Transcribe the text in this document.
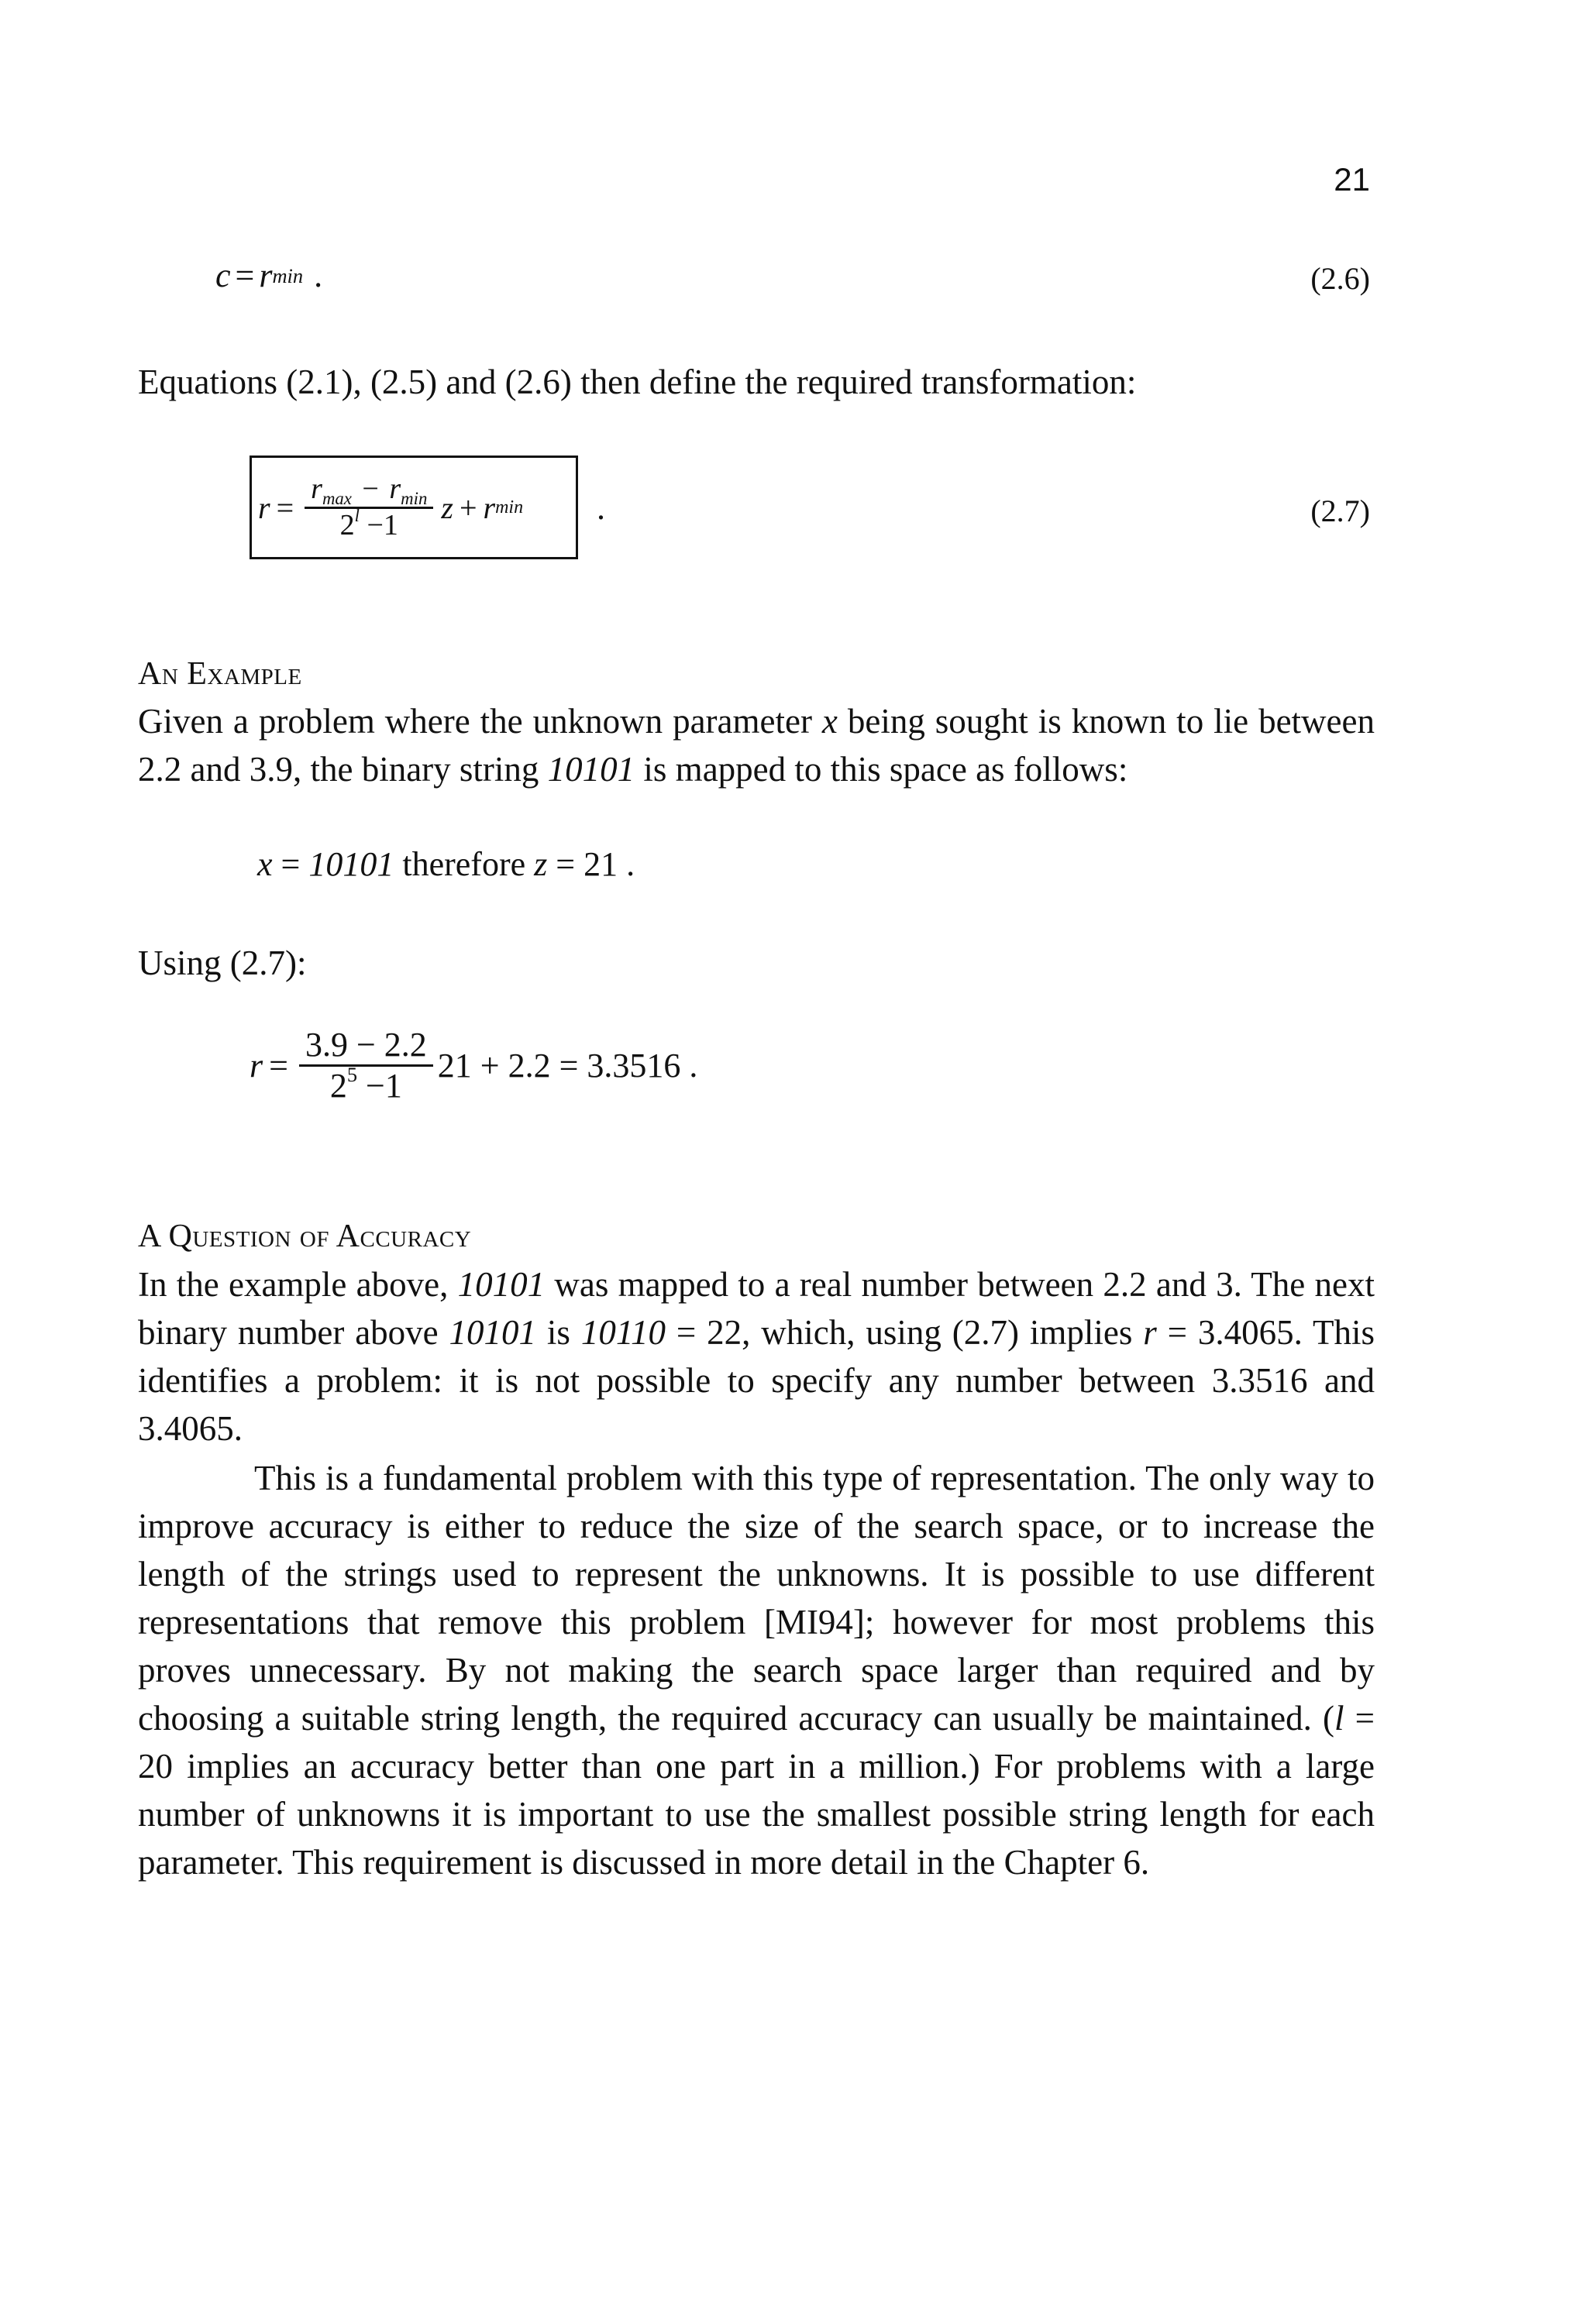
21
c = r min .	(2.6)
Equations (2.1), (2.5) and (2.6) then define the required transformation:
$r = \frac{r_{max} - r_{min}}{2^l -1}$ z + r min .	(2.7)
An Example
Given a problem where the unknown parameter x being sought is known to lie between 2.2 and 3.9, the binary string 10101 is mapped to this space as follows:
x = 10101 therefore z = 21 .
Using (2.7):
$r = \frac{3.9 - 2.2}{2^5 -1} 21 + 2.2 = 3.3516$ .
A Question of Accuracy
In the example above, 10101 was mapped to a real number between 2.2 and 3. The next binary number above 10101 is 10110 = 22, which, using (2.7) implies r = 3.4065. This identifies a problem: it is not possible to specify any number between 3.3516 and 3.4065.
This is a fundamental problem with this type of representation. The only way to improve accuracy is either to reduce the size of the search space, or to increase the length of the strings used to represent the unknowns. It is possible to use different representations that remove this problem [MI94]; however for most problems this proves unnecessary. By not making the search space larger than required and by choosing a suitable string length, the required accuracy can usually be maintained. (l = 20 implies an accuracy better than one part in a million.) For problems with a large number of unknowns it is important to use the smallest possible string length for each parameter. This requirement is discussed in more detail in the Chapter 6.
